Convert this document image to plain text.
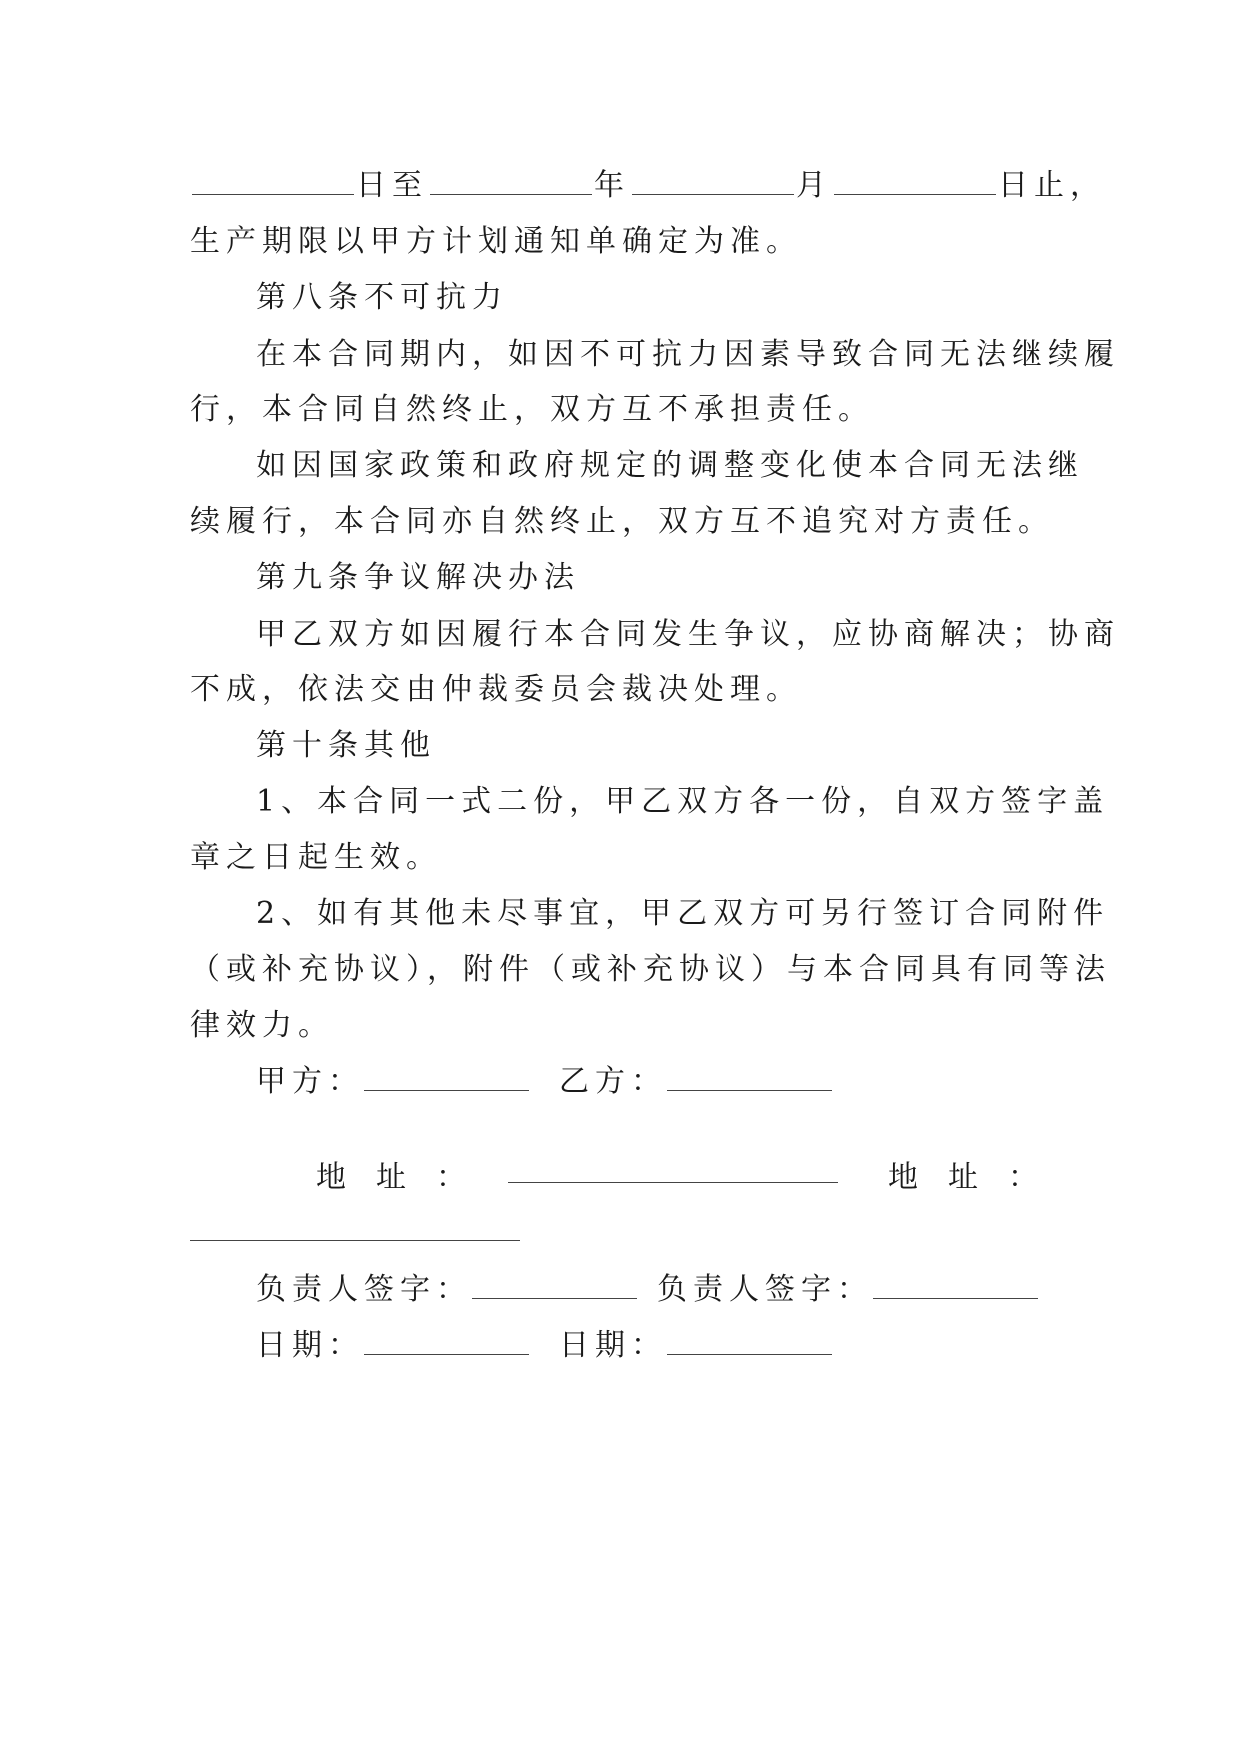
日至	年	月	日止，
生产期限以甲方计划通知单确定为准。
第八条不可抗力
在本合同期内，如因不可抗力因素导致合同无法继续履
行，本合同自然终止，双方互不承担责任。
如因国家政策和政府规定的调整变化使本合同无法继
续履行，本合同亦自然终止，双方互不追究对方责任。
第九条争议解决办法
甲乙双方如因履行本合同发生争议，应协商解决；协商
不成，依法交由仲裁委员会裁决处理。
第十条其他
1、本合同一式二份，甲乙双方各一份，自双方签字盖
章之日起生效。
2、如有其他未尽事宜，甲乙双方可另行签订合同附件
（或补充协议），附件（或补充协议）与本合同具有同等法
律效力。
甲方：	乙方：
地址：	地址：
负责人签字：	负责人签字：
日期：	日期：
